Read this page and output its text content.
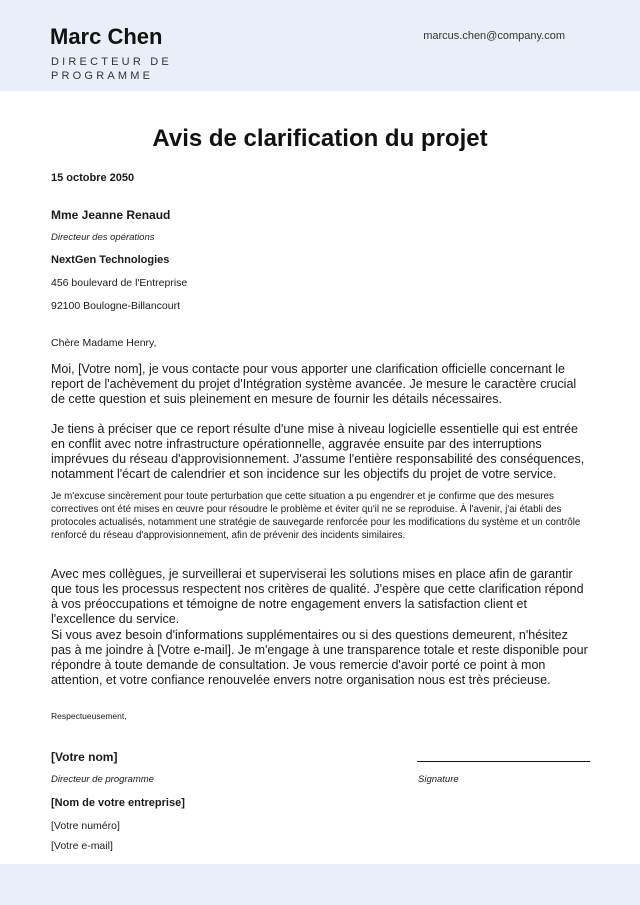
Marc Chen
DIRECTEUR DE PROGRAMME
marcus.chen@company.com
Avis de clarification du projet
15 octobre 2050
Mme Jeanne Renaud
Directeur des opérations
NextGen Technologies
456 boulevard de l'Entreprise
92100 Boulogne-Billancourt
Chère Madame Henry,

Moi, [Votre nom], je vous contacte pour vous apporter une clarification officielle concernant le report de l'achèvement du projet d'Intégration système avancée. Je mesure le caractère crucial de cette question et suis pleinement en mesure de fournir les détails nécessaires.

Je tiens à préciser que ce report résulte d'une mise à niveau logicielle essentielle qui est entrée en conflit avec notre infrastructure opérationnelle, aggravée ensuite par des interruptions imprévues du réseau d'approvisionnement. J'assume l'entière responsabilité des conséquences, notamment l'écart de calendrier et son incidence sur les objectifs du projet de votre service.

Je m'excuse sincèrement pour toute perturbation que cette situation a pu engendrer et je confirme que des mesures correctives ont été mises en œuvre pour résoudre le problème et éviter qu'il ne se reproduise. À l'avenir, j'ai établi des protocoles actualisés, notamment une stratégie de sauvegarde renforcée pour les modifications du système et un contrôle renforcé du réseau d'approvisionnement, afin de prévenir des incidents similaires.

Avec mes collègues, je surveillerai et superviserai les solutions mises en place afin de garantir que tous les processus respectent nos critères de qualité. J'espère que cette clarification répond à vos préoccupations et témoigne de notre engagement envers la satisfaction client et l'excellence du service.

Si vous avez besoin d'informations supplémentaires ou si des questions demeurent, n'hésitez pas à me joindre à [Votre e-mail]. Je m'engage à une transparence totale et reste disponible pour répondre à toute demande de consultation. Je vous remercie d'avoir porté ce point à mon attention, et votre confiance renouvelée envers notre organisation nous est très précieuse.

Respectueusement,
[Votre nom]
Directeur de programme
[Nom de votre entreprise]
[Votre numéro]
[Votre e-mail]
Signature
